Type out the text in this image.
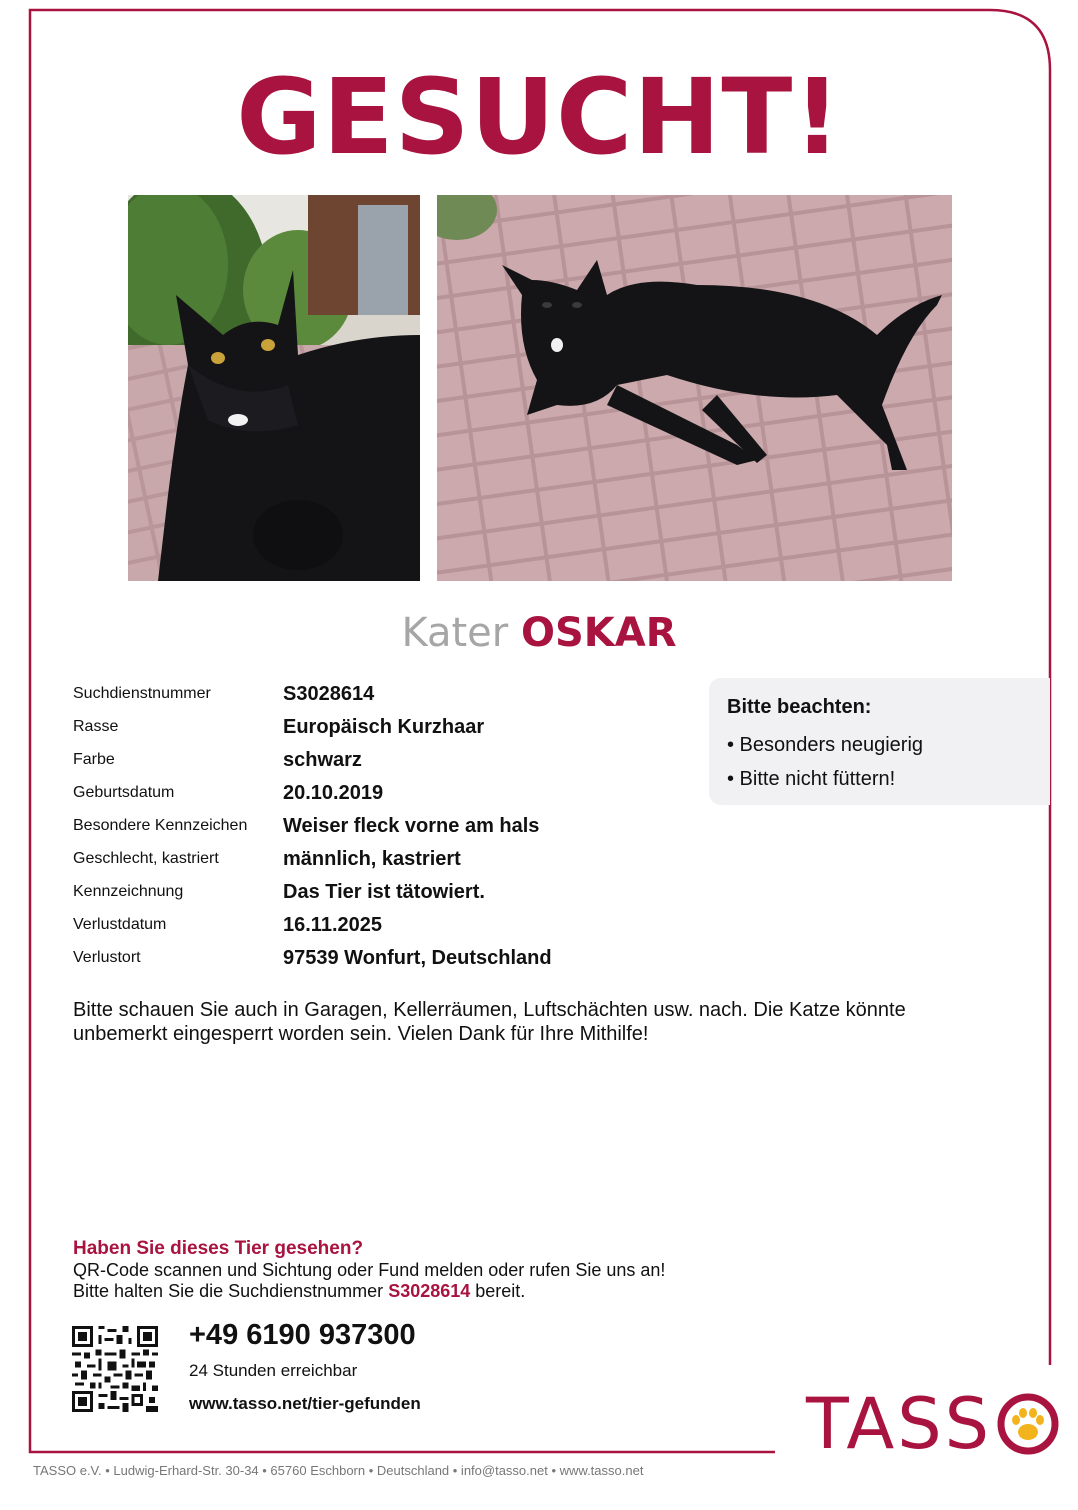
GESUCHT!
Kater OSKAR
Suchdienstnummer	S3028614
Rasse	Europäisch Kurzhaar
Farbe	schwarz
Geburtsdatum	20.10.2019
Besondere Kennzeichen	Weiser fleck vorne am hals
Geschlecht, kastriert	männlich, kastriert
Kennzeichnung	Das Tier ist tätowiert.
Verlustdatum	16.11.2025
Verlustort	97539 Wonfurt, Deutschland
Bitte beachten:
• Besonders neugierig
• Bitte nicht füttern!
Bitte schauen Sie auch in Garagen, Kellerräumen, Luftschächten usw. nach. Die Katze könnte
unbemerkt eingesperrt worden sein. Vielen Dank für Ihre Mithilfe!
Haben Sie dieses Tier gesehen?
QR-Code scannen und Sichtung oder Fund melden oder rufen Sie uns an!
Bitte halten Sie die Suchdienstnummer S3028614 bereit.
+49 6190 937300
24 Stunden erreichbar
www.tasso.net/tier-gefunden	TASS
TASSO e.V. • Ludwig-Erhard-Str. 30-34 • 65760 Eschborn • Deutschland • info@tasso.net • www.tasso.net
